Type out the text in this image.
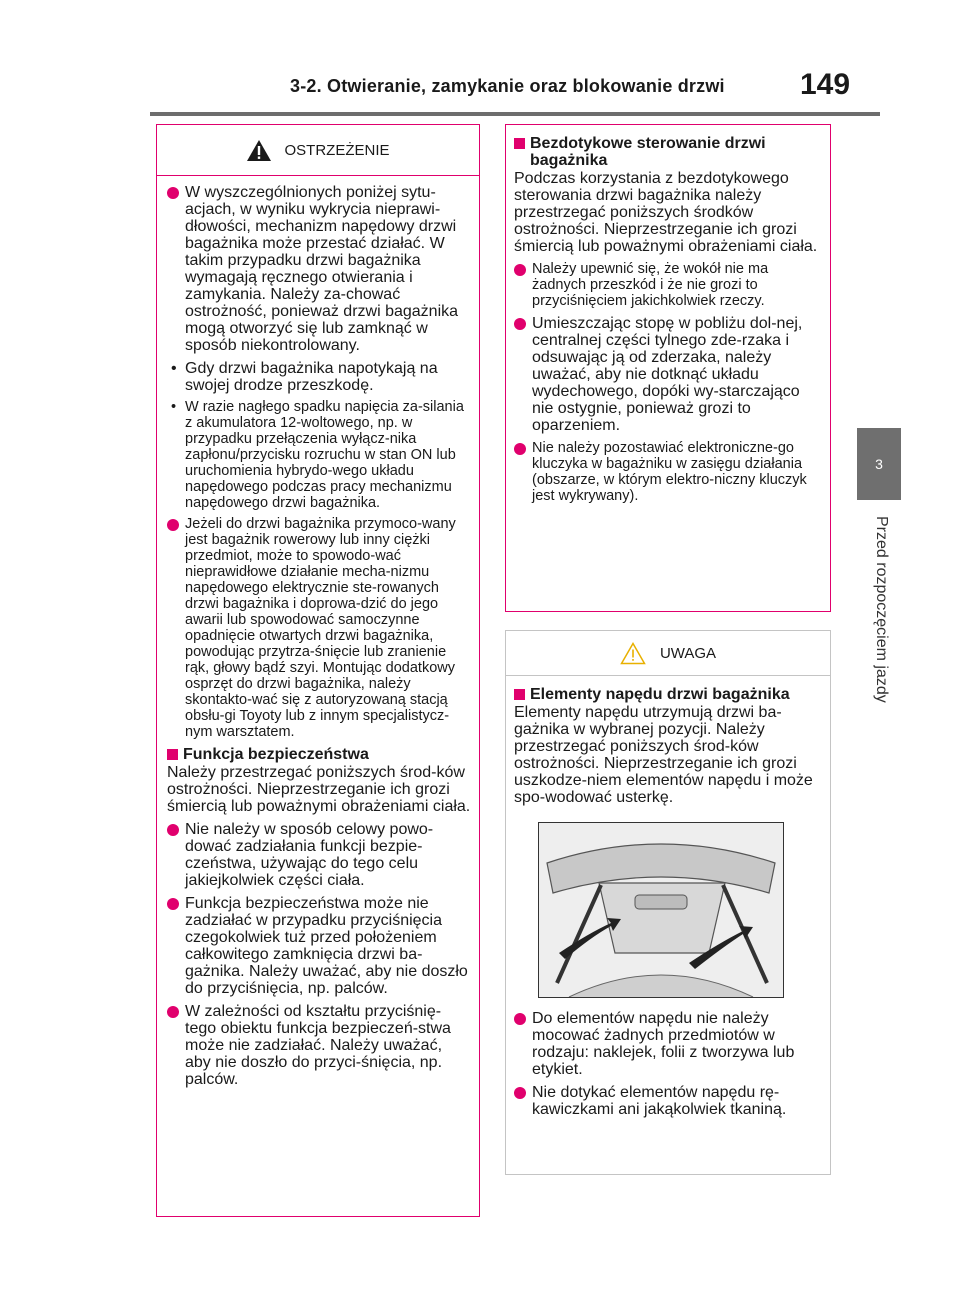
3-2. Otwieranie, zamykanie oraz blokowanie drzwi	149
3
Przed rozpoczęciem jazdy
OSTRZEŻENIE
W wyszczególnionych poniżej sytu-acjach, w wyniku wykrycia nieprawi-dłowości, mechanizm napędowy drzwi bagażnika może przestać działać. W takim przypadku drzwi bagażnika wymagają ręcznego otwierania i zamykania. Należy za-chować ostrożność, ponieważ drzwi bagażnika mogą otworzyć się lub zamknąć w sposób niekontrolowany.
• Gdy drzwi bagażnika napotykają na swojej drodze przeszkodę.
• W razie nagłego spadku napięcia za-silania z akumulatora 12-woltowego, np. w przypadku przełączenia wyłącz-nika zapłonu/przycisku rozruchu w stan ON lub uruchomienia hybrydo-wego układu napędowego podczas pracy mechanizmu napędowego drzwi bagażnika.
Jeżeli do drzwi bagażnika przymoco-wany jest bagażnik rowerowy lub inny ciężki przedmiot, może to spowodo-wać nieprawidłowe działanie mecha-nizmu napędowego elektrycznie ste-rowanych drzwi bagażnika i doprowa-dzić do jego awarii lub spowodować samoczynne opadnięcie otwartych drzwi bagażnika, powodując przytrza-śnięcie lub zranienie rąk, głowy bądź szyi. Montując dodatkowy osprzęt do drzwi bagażnika, należy skontakto-wać się z autoryzowaną stacją obsłu-gi Toyoty lub z innym specjalistycz-nym warsztatem.
Funkcja bezpieczeństwa
Należy przestrzegać poniższych środ-ków ostrożności. Nieprzestrzeganie ich grozi śmiercią lub poważnymi obrażeniami ciała.
Nie należy w sposób celowy powo-dować zadziałania funkcji bezpie-czeństwa, używając do tego celu jakiejkolwiek części ciała.
Funkcja bezpieczeństwa może nie zadziałać w przypadku przyciśnięcia czegokolwiek tuż przed położeniem całkowitego zamknięcia drzwi ba-gażnika. Należy uważać, aby nie doszło do przyciśnięcia, np. palców.
W zależności od kształtu przyciśnię-tego obiektu funkcja bezpieczeń-stwa może nie zadziałać. Należy uważać, aby nie doszło do przyci-śnięcia, np. palców.
Bezdotykowe sterowanie drzwi bagażnika
Podczas korzystania z bezdotykowego sterowania drzwi bagażnika należy przestrzegać poniższych środków ostrożności. Nieprzestrzeganie ich grozi śmiercią lub poważnymi obrażeniami ciała.
Należy upewnić się, że wokół nie ma żadnych przeszkód i że nie grozi to przyciśnięciem jakichkolwiek rzeczy.
Umieszczając stopę w pobliżu dol-nej, centralnej części tylnego zde-rzaka i odsuwając ją od zderzaka, należy uważać, aby nie dotknąć układu wydechowego, dopóki wy-starczająco nie ostygnie, ponieważ grozi to oparzeniem.
Nie należy pozostawiać elektroniczne-go kluczyka w bagażniku w zasięgu działania (obszarze, w którym elektro-niczny kluczyk jest wykrywany).
UWAGA
Elementy napędu drzwi bagażnika
Elementy napędu utrzymują drzwi ba-gażnika w wybranej pozycji. Należy przestrzegać poniższych środ-ków ostrożności. Nieprzestrzeganie ich grozi uszkodze-niem elementów napędu i może spo-wodować usterkę.
Do elementów napędu nie należy mocować żadnych przedmiotów w rodzaju: naklejek, folii z tworzywa lub etykiet.
Nie dotykać elementów napędu rę-kawiczkami ani jakąkolwiek tkaniną.
